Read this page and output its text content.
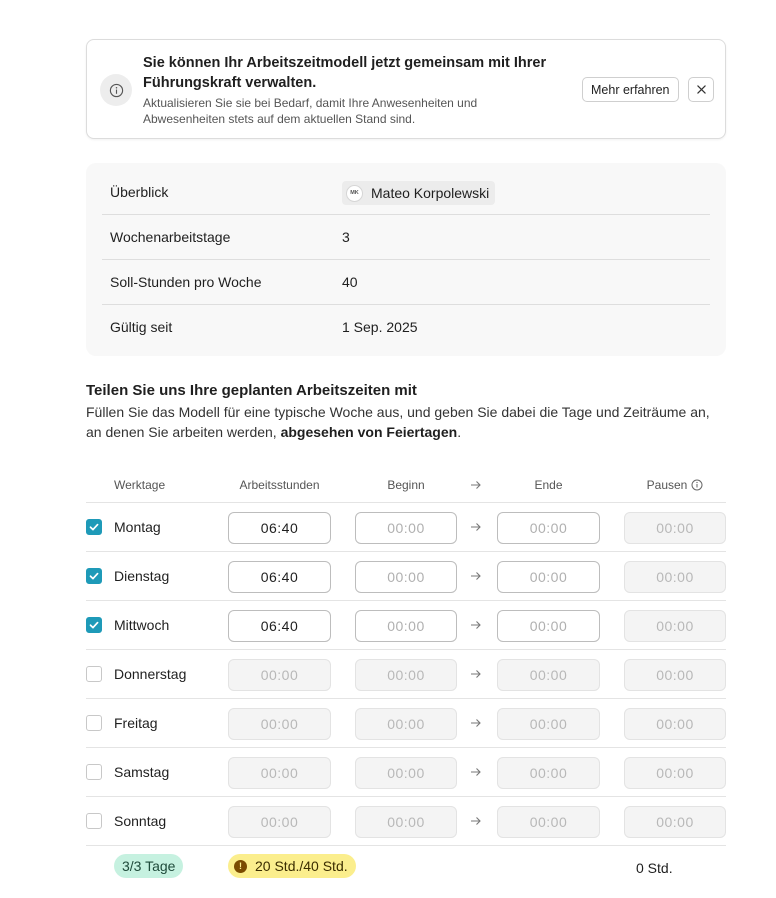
Sie können Ihr Arbeitszeitmodell jetzt gemeinsam mit Ihrer Führungskraft verwalten.
Aktualisieren Sie sie bei Bedarf, damit Ihre Anwesenheiten und Abwesenheiten stets auf dem aktuellen Stand sind.
Mehr erfahren
Überblick	MK Mateo Korpolewski
Wochenarbeitstage	3
Soll-Stunden pro Woche	40
Gültig seit	1 Sep. 2025
Teilen Sie uns Ihre geplanten Arbeitszeiten mit
Füllen Sie das Modell für eine typische Woche aus, und geben Sie dabei die Tage und Zeiträume an, an denen Sie arbeiten werden, abgesehen von Feiertagen.
Werktage	Arbeitsstunden	Beginn	Ende	Pausen
Montag	06:40	00:00	00:00	00:00
Dienstag	06:40	00:00	00:00	00:00
Mittwoch	06:40	00:00	00:00	00:00
Donnerstag	00:00	00:00	00:00	00:00
Freitag	00:00	00:00	00:00	00:00
Samstag	00:00	00:00	00:00	00:00
Sonntag	00:00	00:00	00:00	00:00
3/3 Tage	! 20 Std./40 Std.	0 Std.
